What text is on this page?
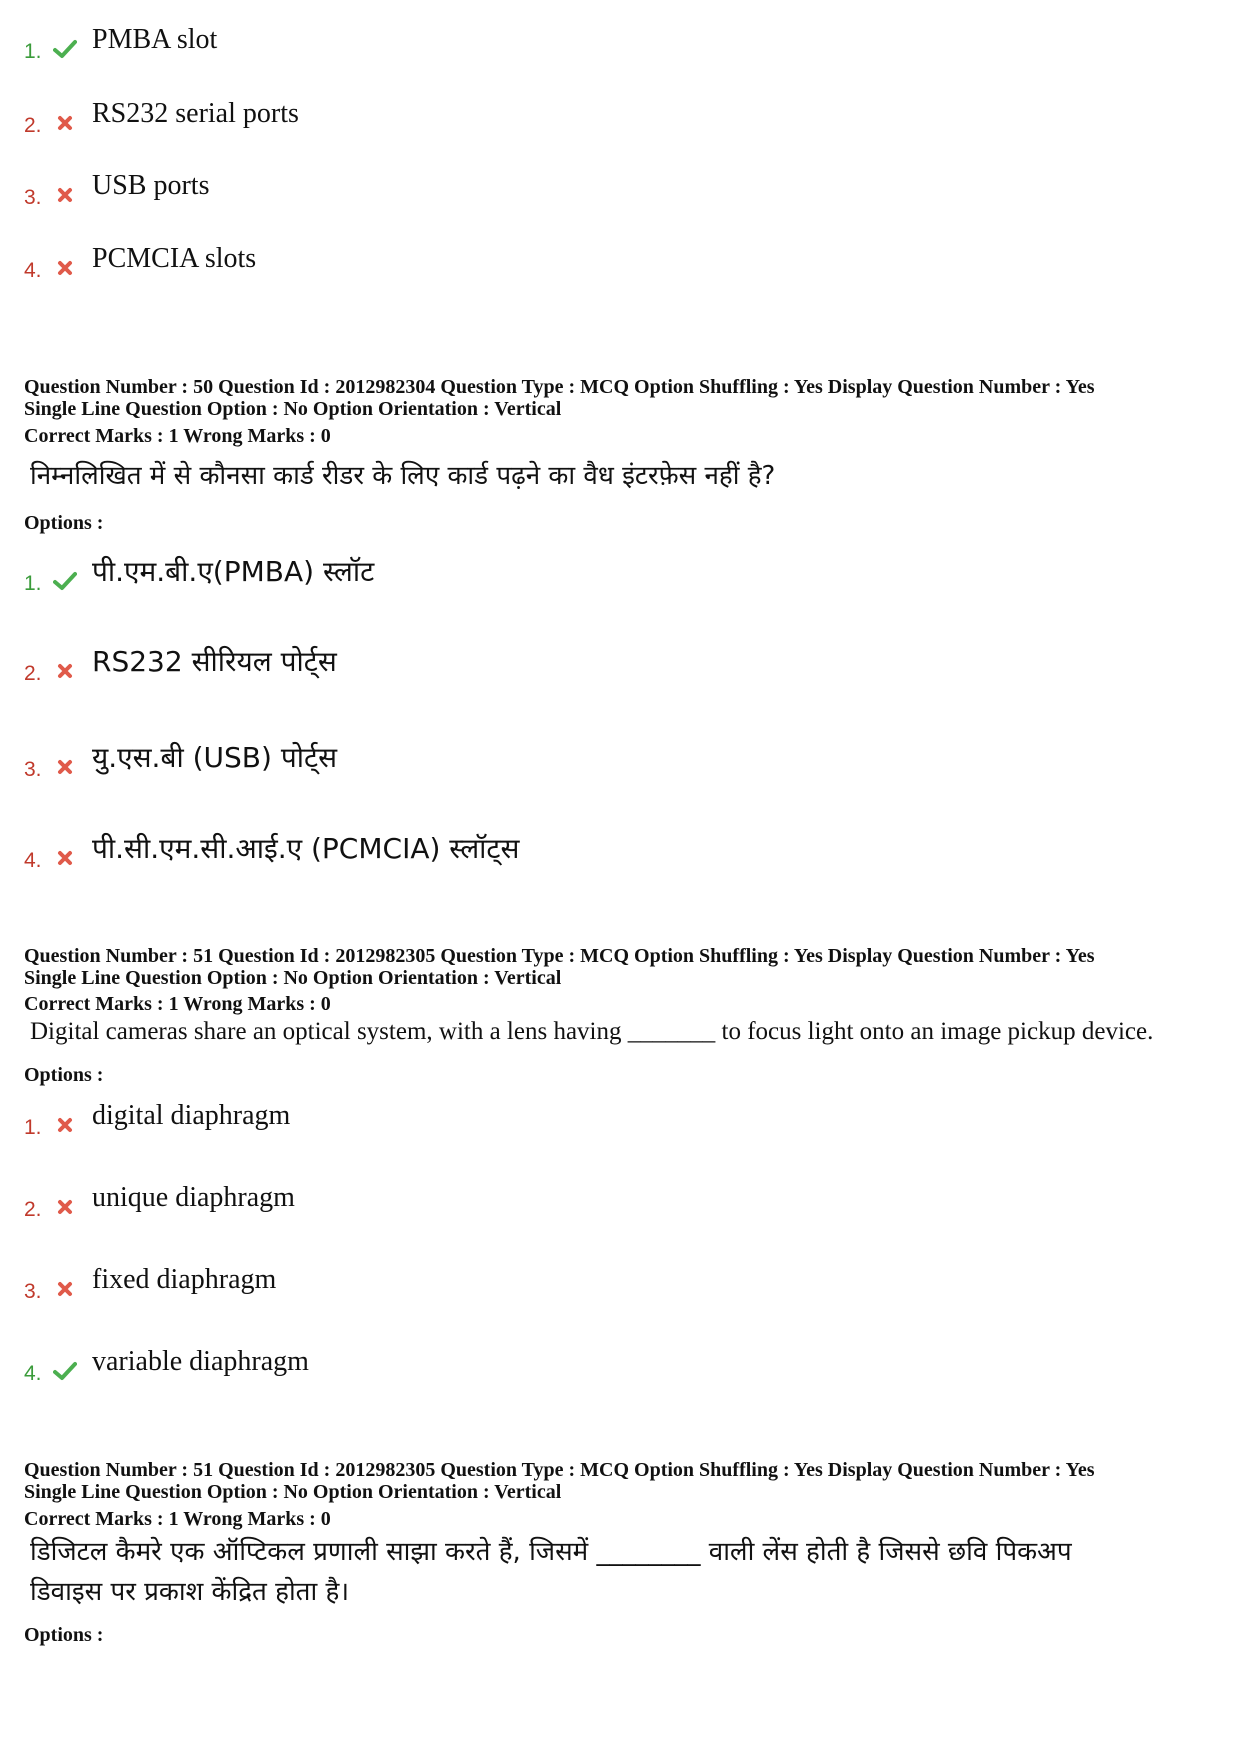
1.	PMBA slot
2.	RS232 serial ports
3.	USB ports
4.	PCMCIA slots
Question Number : 50 Question Id : 2012982304 Question Type : MCQ Option Shuffling : Yes Display Question Number : Yes
Single Line Question Option : No Option Orientation : Vertical
Correct Marks : 1 Wrong Marks : 0
निम्नलिखित में से कौनसा कार्ड रीडर के लिए कार्ड पढ़ने का वैध इंटरफ़ेस नहीं है?
Options :
1.	पी.एम.बी.ए(PMBA) स्लॉट
2.	RS232 सीरियल पोर्ट्स
3.	यु.एस.बी (USB) पोर्ट्स
4.	पी.सी.एम.सी.आई.ए (PCMCIA) स्लॉट्स
Question Number : 51 Question Id : 2012982305 Question Type : MCQ Option Shuffling : Yes Display Question Number : Yes
Single Line Question Option : No Option Orientation : Vertical
Correct Marks : 1 Wrong Marks : 0
Digital cameras share an optical system, with a lens having _______ to focus light onto an image pickup device.
Options :
1.	digital diaphragm
2.	unique diaphragm
3.	fixed diaphragm
4.	variable diaphragm
Question Number : 51 Question Id : 2012982305 Question Type : MCQ Option Shuffling : Yes Display Question Number : Yes
Single Line Question Option : No Option Orientation : Vertical
Correct Marks : 1 Wrong Marks : 0
डिजिटल कैमरे एक ऑप्टिकल प्रणाली साझा करते हैं, जिसमें ________ वाली लेंस होती है जिससे छवि पिकअप
डिवाइस पर प्रकाश केंद्रित होता है।
Options :
